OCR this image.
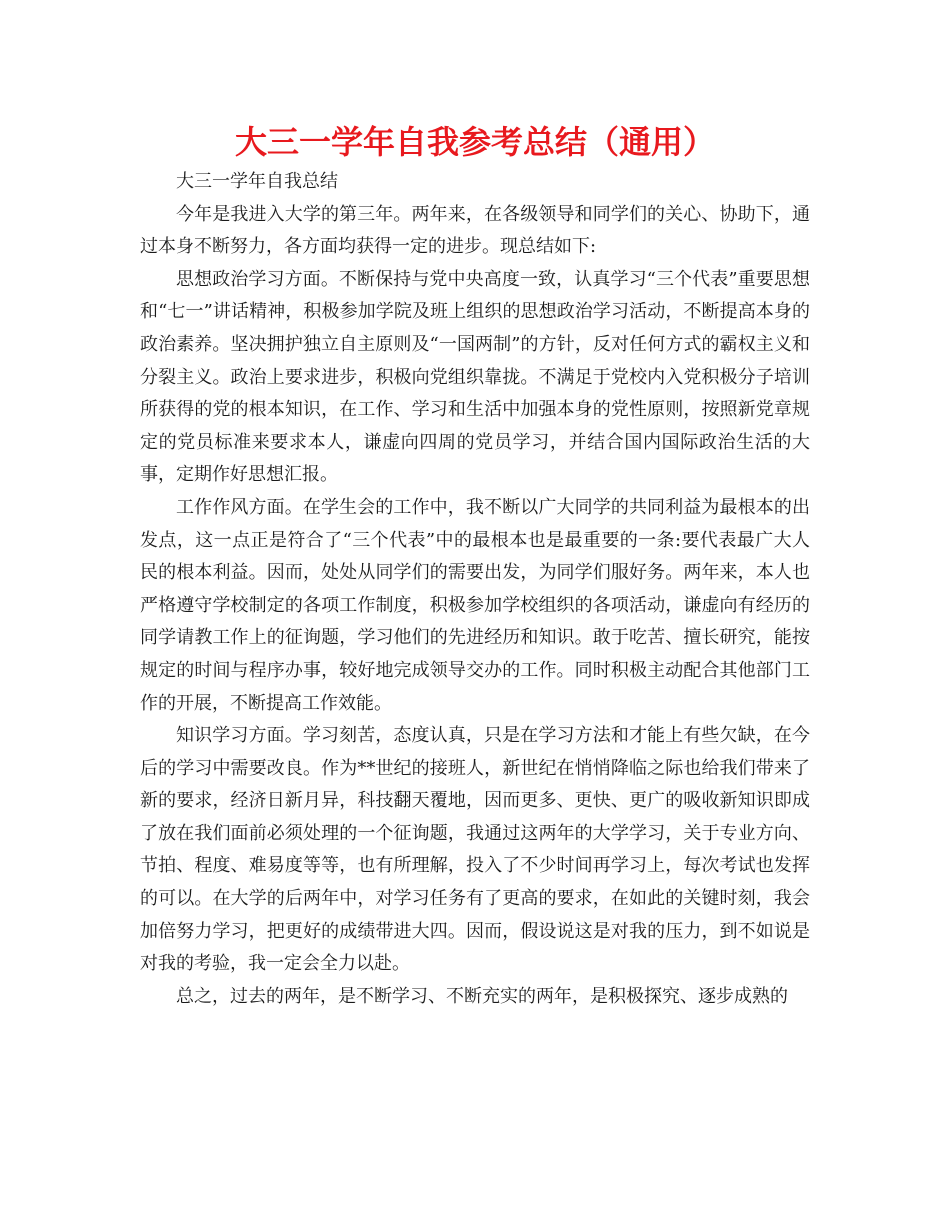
大三一学年自我参考总结（通用）

大三一学年自我总结

今年是我进入大学的第三年。两年来，在各级领导和同学们的关心、协助下，通过本身不断努力，各方面均获得一定的进步。现总结如下:

思想政治学习方面。不断保持与党中央高度一致，认真学习“三个代表”重要思想和“七一”讲话精神，积极参加学院及班上组织的思想政治学习活动，不断提高本身的政治素养。坚决拥护独立自主原则及“一国两制”的方针，反对任何方式的霸权主义和分裂主义。政治上要求进步，积极向党组织靠拢。不满足于党校内入党积极分子培训所获得的党的根本知识，在工作、学习和生活中加强本身的党性原则，按照新党章规定的党员标准来要求本人，谦虚向四周的党员学习，并结合国内国际政治生活的大事，定期作好思想汇报。

工作作风方面。在学生会的工作中，我不断以广大同学的共同利益为最根本的出发点，这一点正是符合了“三个代表”中的最根本也是最重要的一条:要代表最广大人民的根本利益。因而，处处从同学们的需要出发，为同学们服好务。两年来，本人也严格遵守学校制定的各项工作制度，积极参加学校组织的各项活动，谦虚向有经历的同学请教工作上的征询题，学习他们的先进经历和知识。敢于吃苦、擅长研究，能按规定的时间与程序办事，较好地完成领导交办的工作。同时积极主动配合其他部门工作的开展，不断提高工作效能。

知识学习方面。学习刻苦，态度认真，只是在学习方法和才能上有些欠缺，在今后的学习中需要改良。作为**世纪的接班人，新世纪在悄悄降临之际也给我们带来了新的要求，经济日新月异，科技翻天覆地，因而更多、更快、更广的吸收新知识即成了放在我们面前必须处理的一个征询题，我通过这两年的大学学习，关于专业方向、节拍、程度、难易度等等，也有所理解，投入了不少时间再学习上，每次考试也发挥的可以。在大学的后两年中，对学习任务有了更高的要求，在如此的关键时刻，我会加倍努力学习，把更好的成绩带进大四。因而，假设说这是对我的压力，到不如说是对我的考验，我一定会全力以赴。

总之，过去的两年，是不断学习、不断充实的两年，是积极探究、逐步成熟的
